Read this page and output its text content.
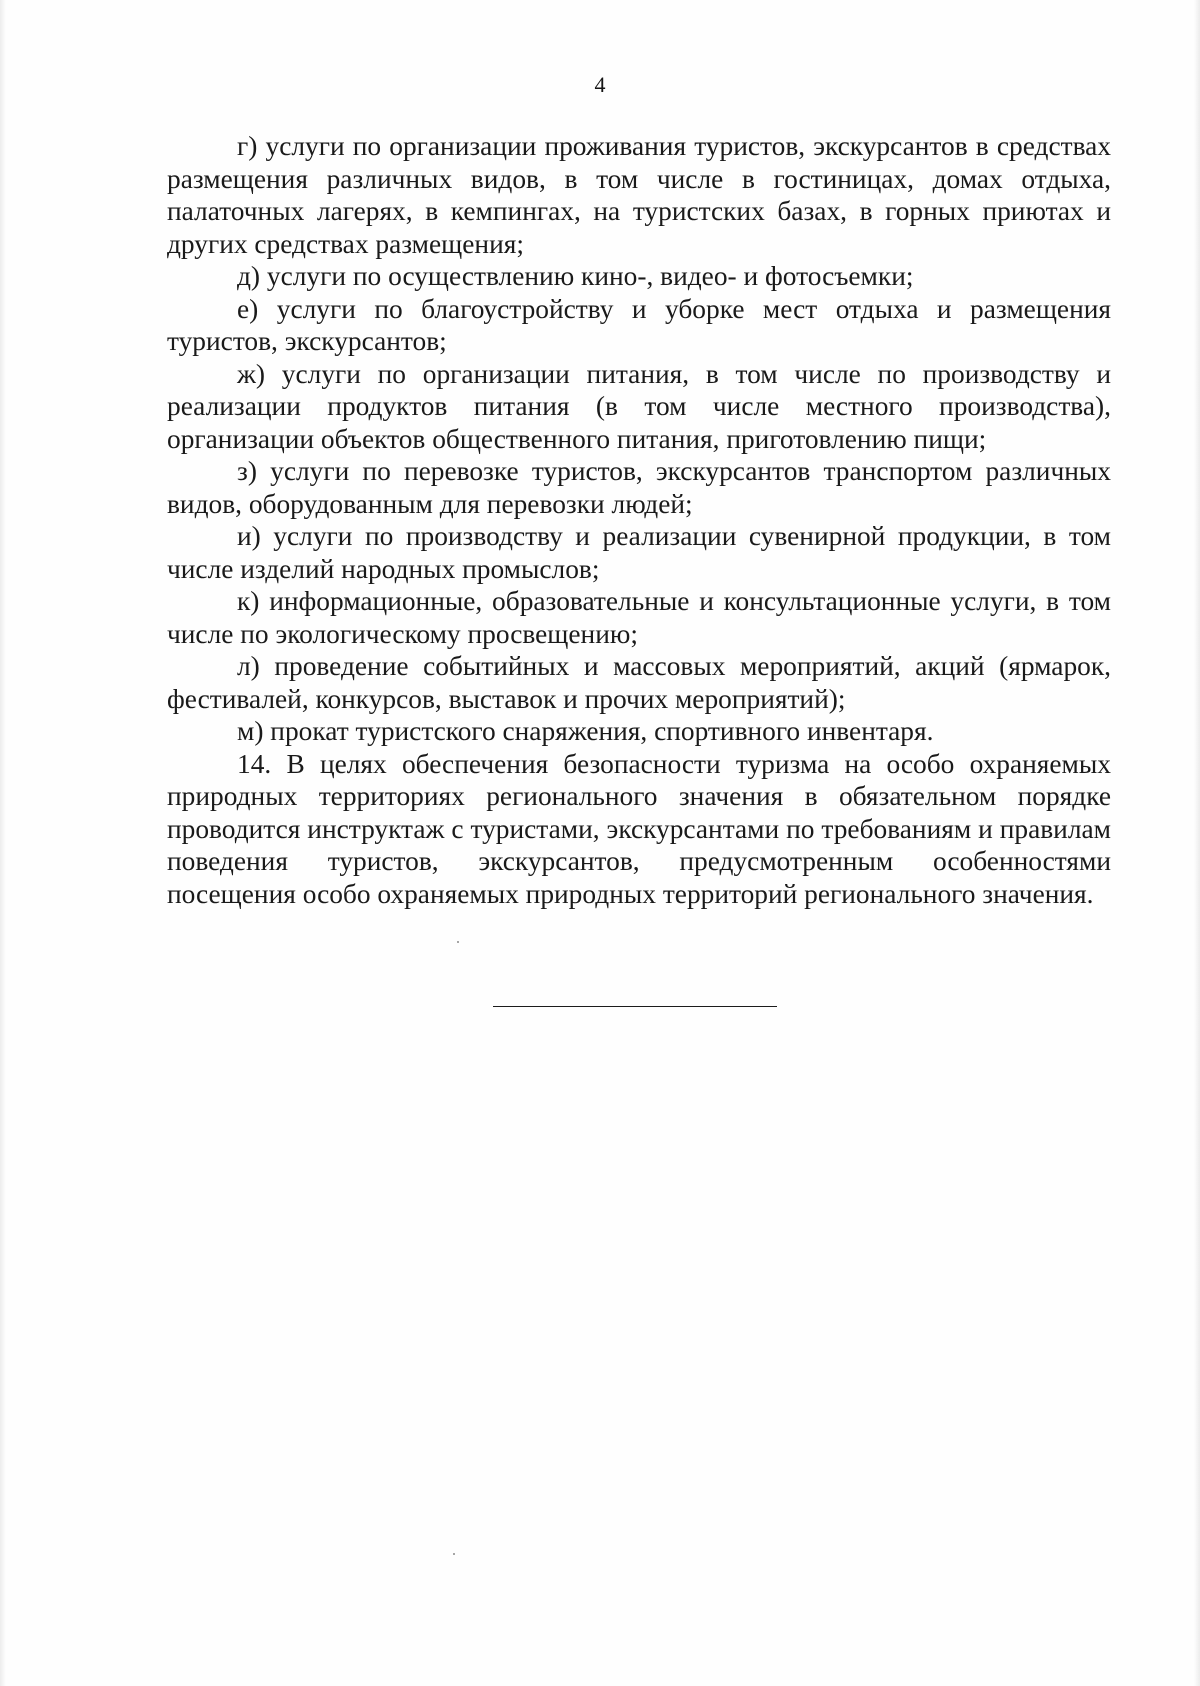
4

г) услуги по организации проживания туристов, экскурсантов в средствах размещения различных видов, в том числе в гостиницах, домах отдыха, палаточных лагерях, в кемпингах, на туристских базах, в горных приютах и других средствах размещения;

д) услуги по осуществлению кино-, видео- и фотосъемки;

е) услуги по благоустройству и уборке мест отдыха и размещения туристов, экскурсантов;

ж) услуги по организации питания, в том числе по производству и реализации продуктов питания (в том числе местного производства), организации объектов общественного питания, приготовлению пищи;

з) услуги по перевозке туристов, экскурсантов транспортом различных видов, оборудованным для перевозки людей;

и) услуги по производству и реализации сувенирной продукции, в том числе изделий народных промыслов;

к) информационные, образовательные и консультационные услуги, в том числе по экологическому просвещению;

л) проведение событийных и массовых мероприятий, акций (ярмарок, фестивалей, конкурсов, выставок и прочих мероприятий);

м) прокат туристского снаряжения, спортивного инвентаря.

14. В целях обеспечения безопасности туризма на особо охраняемых природных территориях регионального значения в обязательном порядке проводится инструктаж с туристами, экскурсантами по требованиям и правилам поведения туристов, экскурсантов, предусмотренным особенностями посещения особо охраняемых природных территорий регионального значения.
